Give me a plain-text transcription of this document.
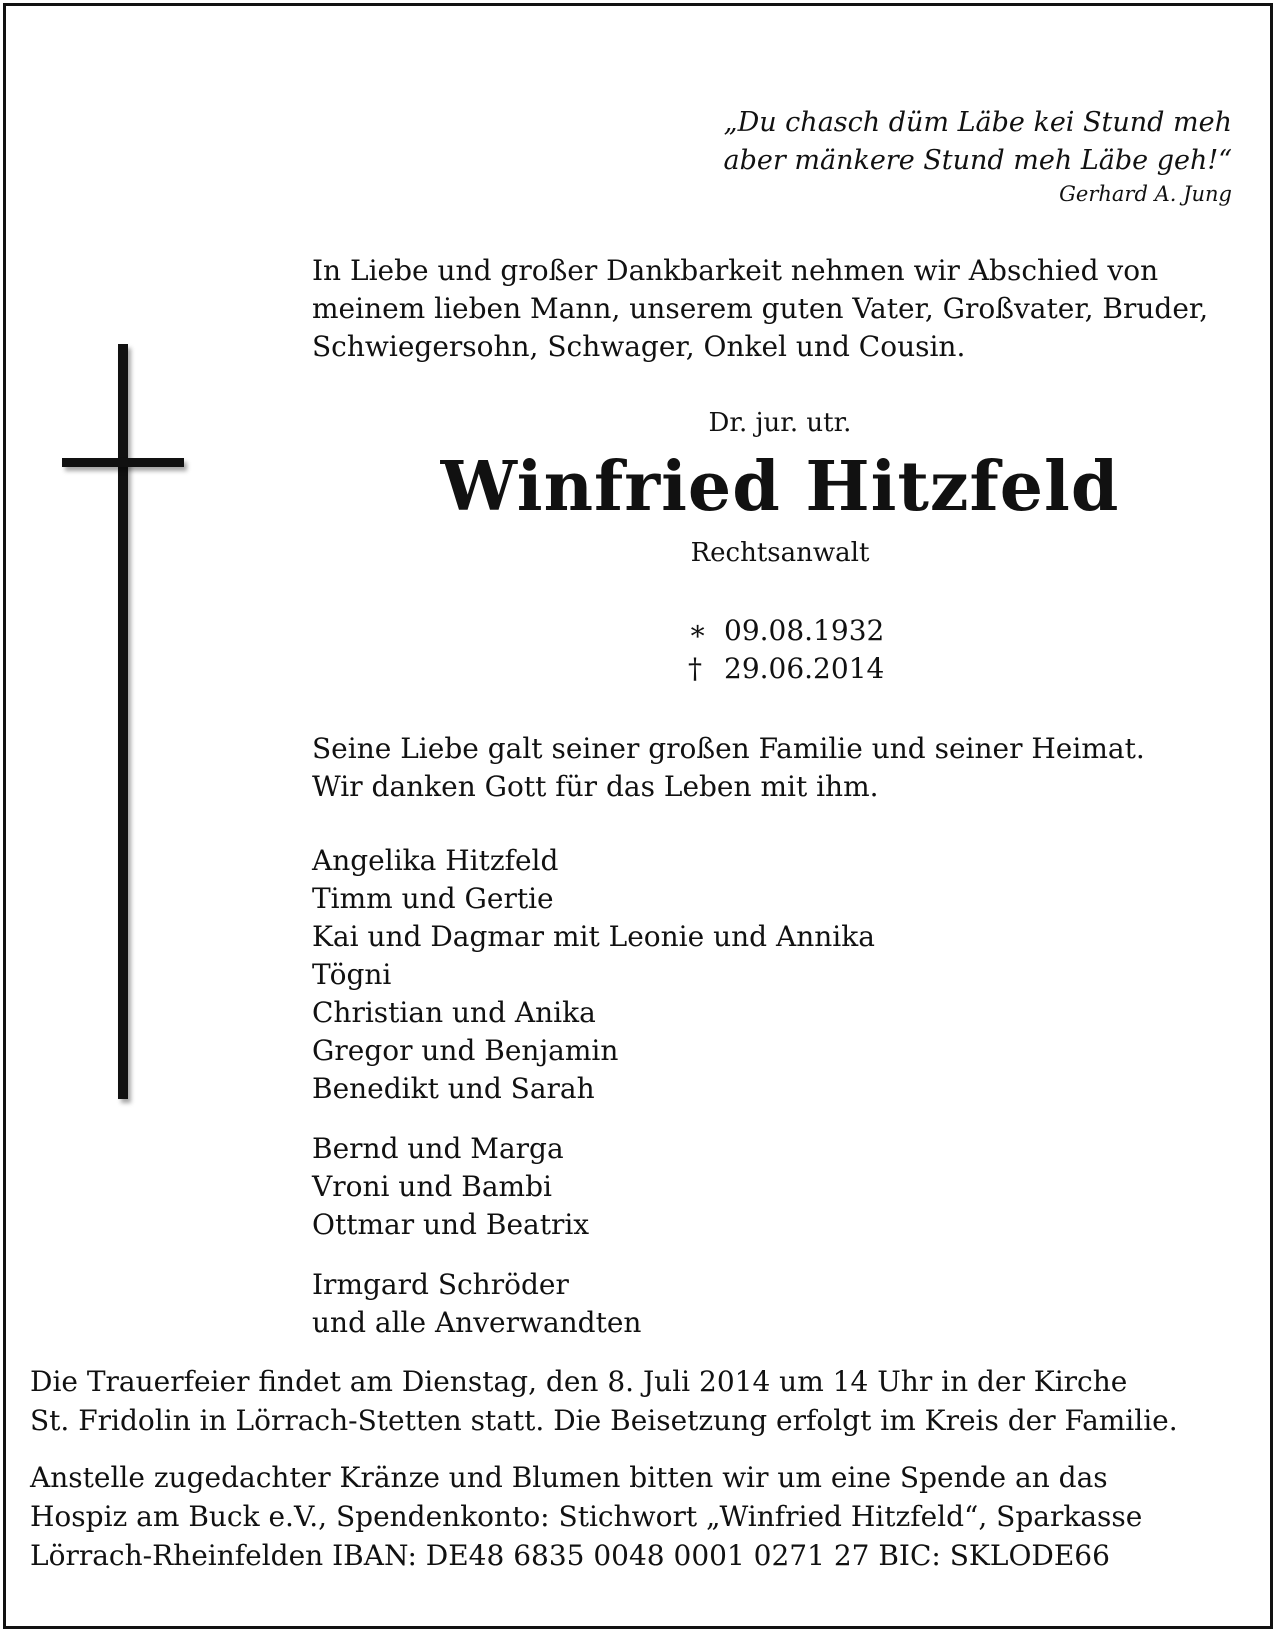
„Du chasch düm Läbe kei Stund meh
aber mänkere Stund meh Läbe geh!“
Gerhard A. Jung
In Liebe und großer Dankbarkeit nehmen wir Abschied von
meinem lieben Mann, unserem guten Vater, Großvater, Bruder,
Schwiegersohn, Schwager, Onkel und Cousin.
Dr. jur. utr.
Winfried Hitzfeld
Rechtsanwalt
∗ 09.08.1932
† 29.06.2014
Seine Liebe galt seiner großen Familie und seiner Heimat.
Wir danken Gott für das Leben mit ihm.
Angelika Hitzfeld
Timm und Gertie
Kai und Dagmar mit Leonie und Annika
Tögni
Christian und Anika
Gregor und Benjamin
Benedikt und Sarah
Bernd und Marga
Vroni und Bambi
Ottmar und Beatrix
Irmgard Schröder
und alle Anverwandten
Die Trauerfeier findet am Dienstag, den 8. Juli 2014 um 14 Uhr in der Kirche
St. Fridolin in Lörrach-Stetten statt. Die Beisetzung erfolgt im Kreis der Familie.
Anstelle zugedachter Kränze und Blumen bitten wir um eine Spende an das
Hospiz am Buck e.V., Spendenkonto: Stichwort „Winfried Hitzfeld“, Sparkasse
Lörrach-Rheinfelden IBAN: DE48 6835 0048 0001 0271 27 BIC: SKLODE66
